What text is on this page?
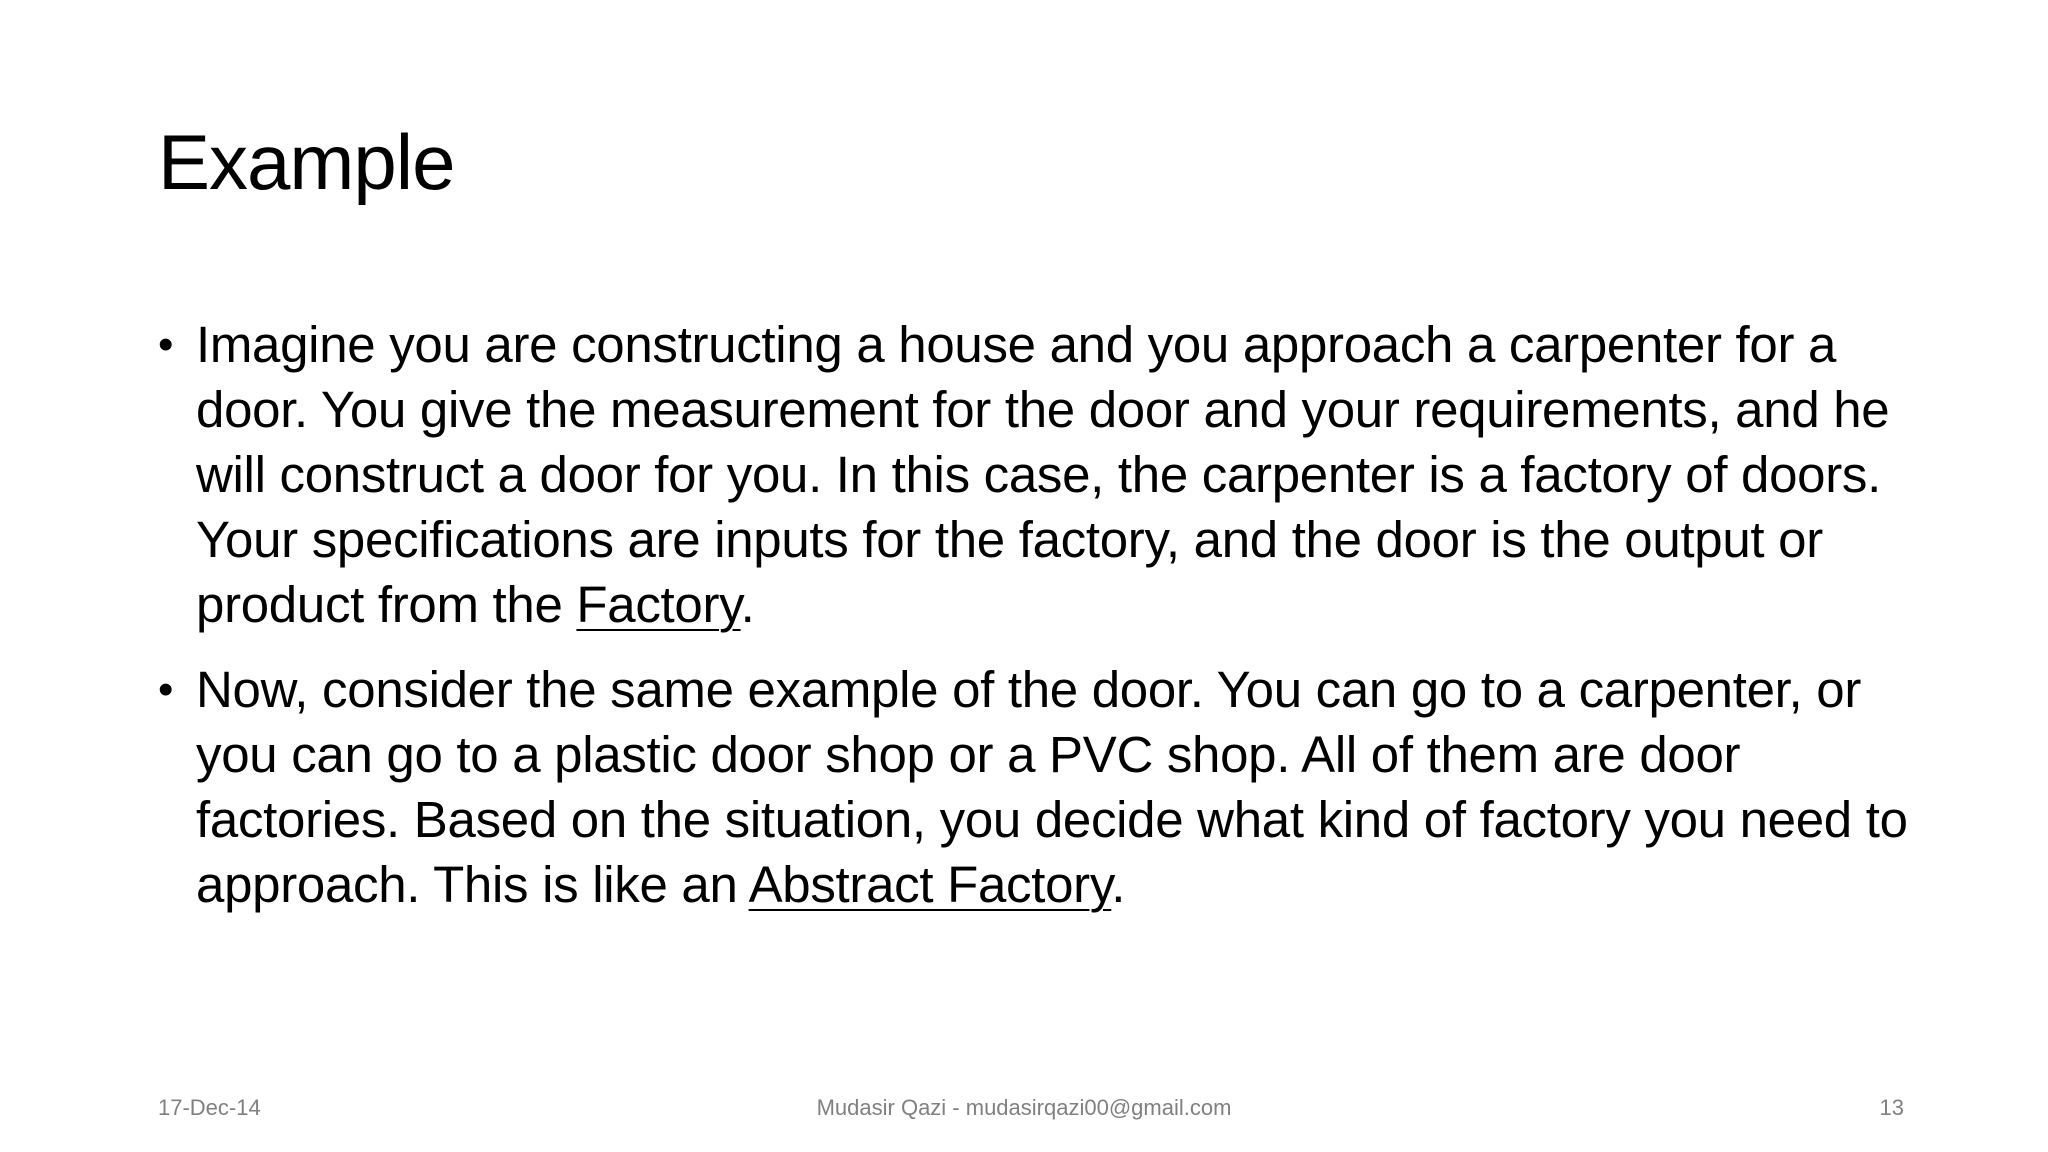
Example
• Imagine you are constructing a house and you approach a carpenter for a door. You give the measurement for the door and your requirements, and he will construct a door for you. In this case, the carpenter is a factory of doors. Your specifications are inputs for the factory, and the door is the output or product from the Factory.
• Now, consider the same example of the door. You can go to a carpenter, or you can go to a plastic door shop or a PVC shop. All of them are door factories. Based on the situation, you decide what kind of factory you need to approach. This is like an Abstract Factory.
17-Dec-14	Mudasir Qazi - mudasirqazi00@gmail.com	13
